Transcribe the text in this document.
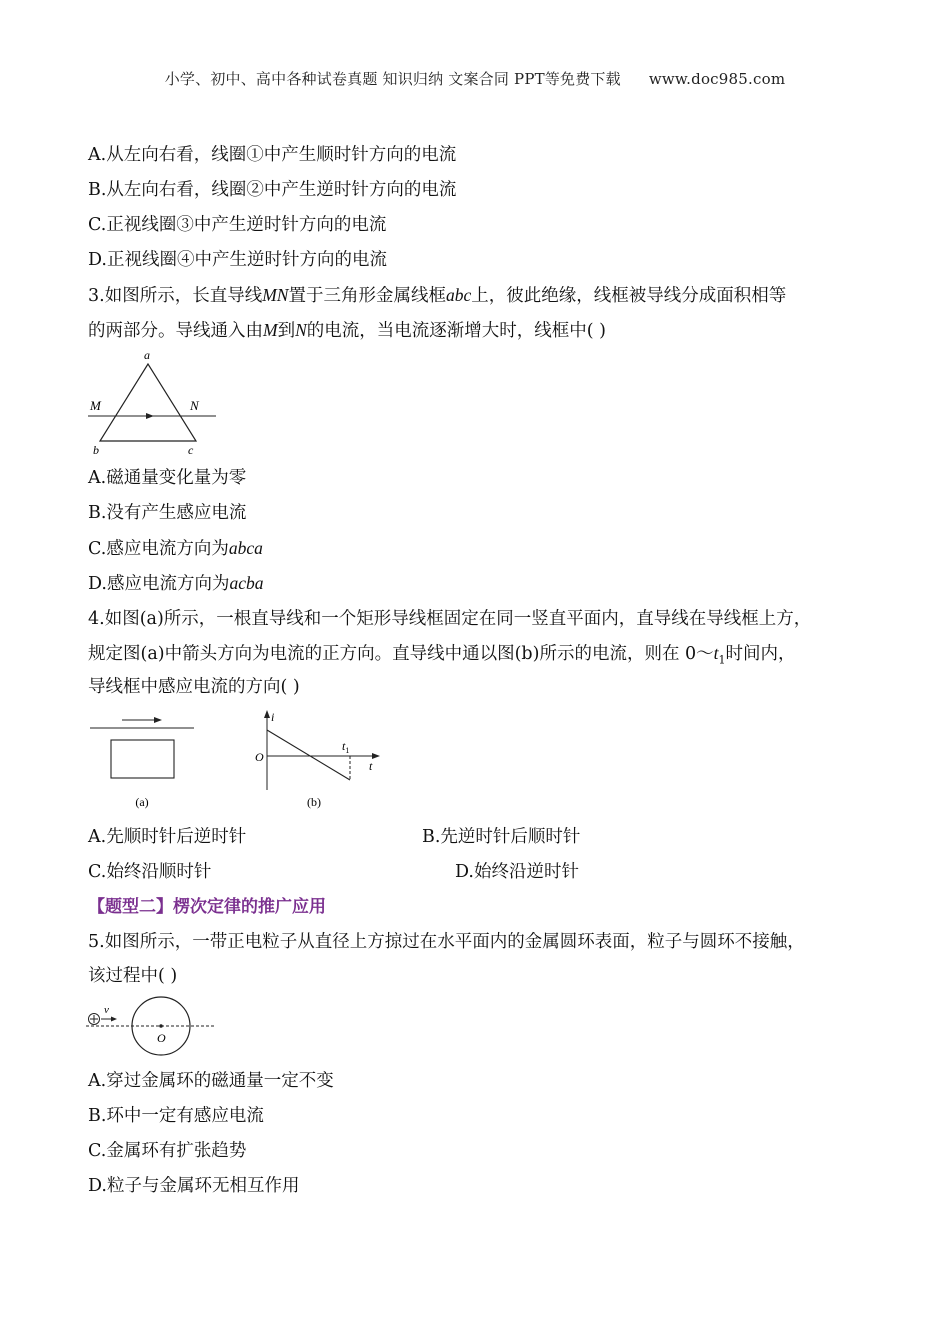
小学、初中、高中各种试卷真题 知识归纳 文案合同 PPT等免费下载 www.doc985.com
A.从左向右看，线圈①中产生顺时针方向的电流
B.从左向右看，线圈②中产生逆时针方向的电流
C.正视线圈③中产生逆时针方向的电流
D.正视线圈④中产生逆时针方向的电流
3.如图所示，长直导线MN置于三角形金属线框abc上，彼此绝缘，线框被导线分成面积相等
的两部分。导线通入由M到N的电流，当电流逐渐增大时，线框中( )
a
b	c
M	N
A.磁通量变化量为零
B.没有产生感应电流
C.感应电流方向为abca
D.感应电流方向为acba
4.如图(a)所示，一根直导线和一个矩形导线框固定在同一竖直平面内，直导线在导线框上方，
规定图(a)中箭头方向为电流的正方向。直导线中通以图(b)所示的电流，则在 $0\sim t_1$时间内，
导线框中感应电流的方向( )
(a)
i
O
$t_1$
t
(b)
A.先顺时针后逆时针	B.先逆时针后顺时针
C.始终沿顺时针	D.始终沿逆时针
【题型二】楞次定律的推广应用
5.如图所示，一带正电粒子从直径上方掠过在水平面内的金属圆环表面，粒子与圆环不接触，
该过程中( )
v
O
A.穿过金属环的磁通量一定不变
B.环中一定有感应电流
C.金属环有扩张趋势
D.粒子与金属环无相互作用
